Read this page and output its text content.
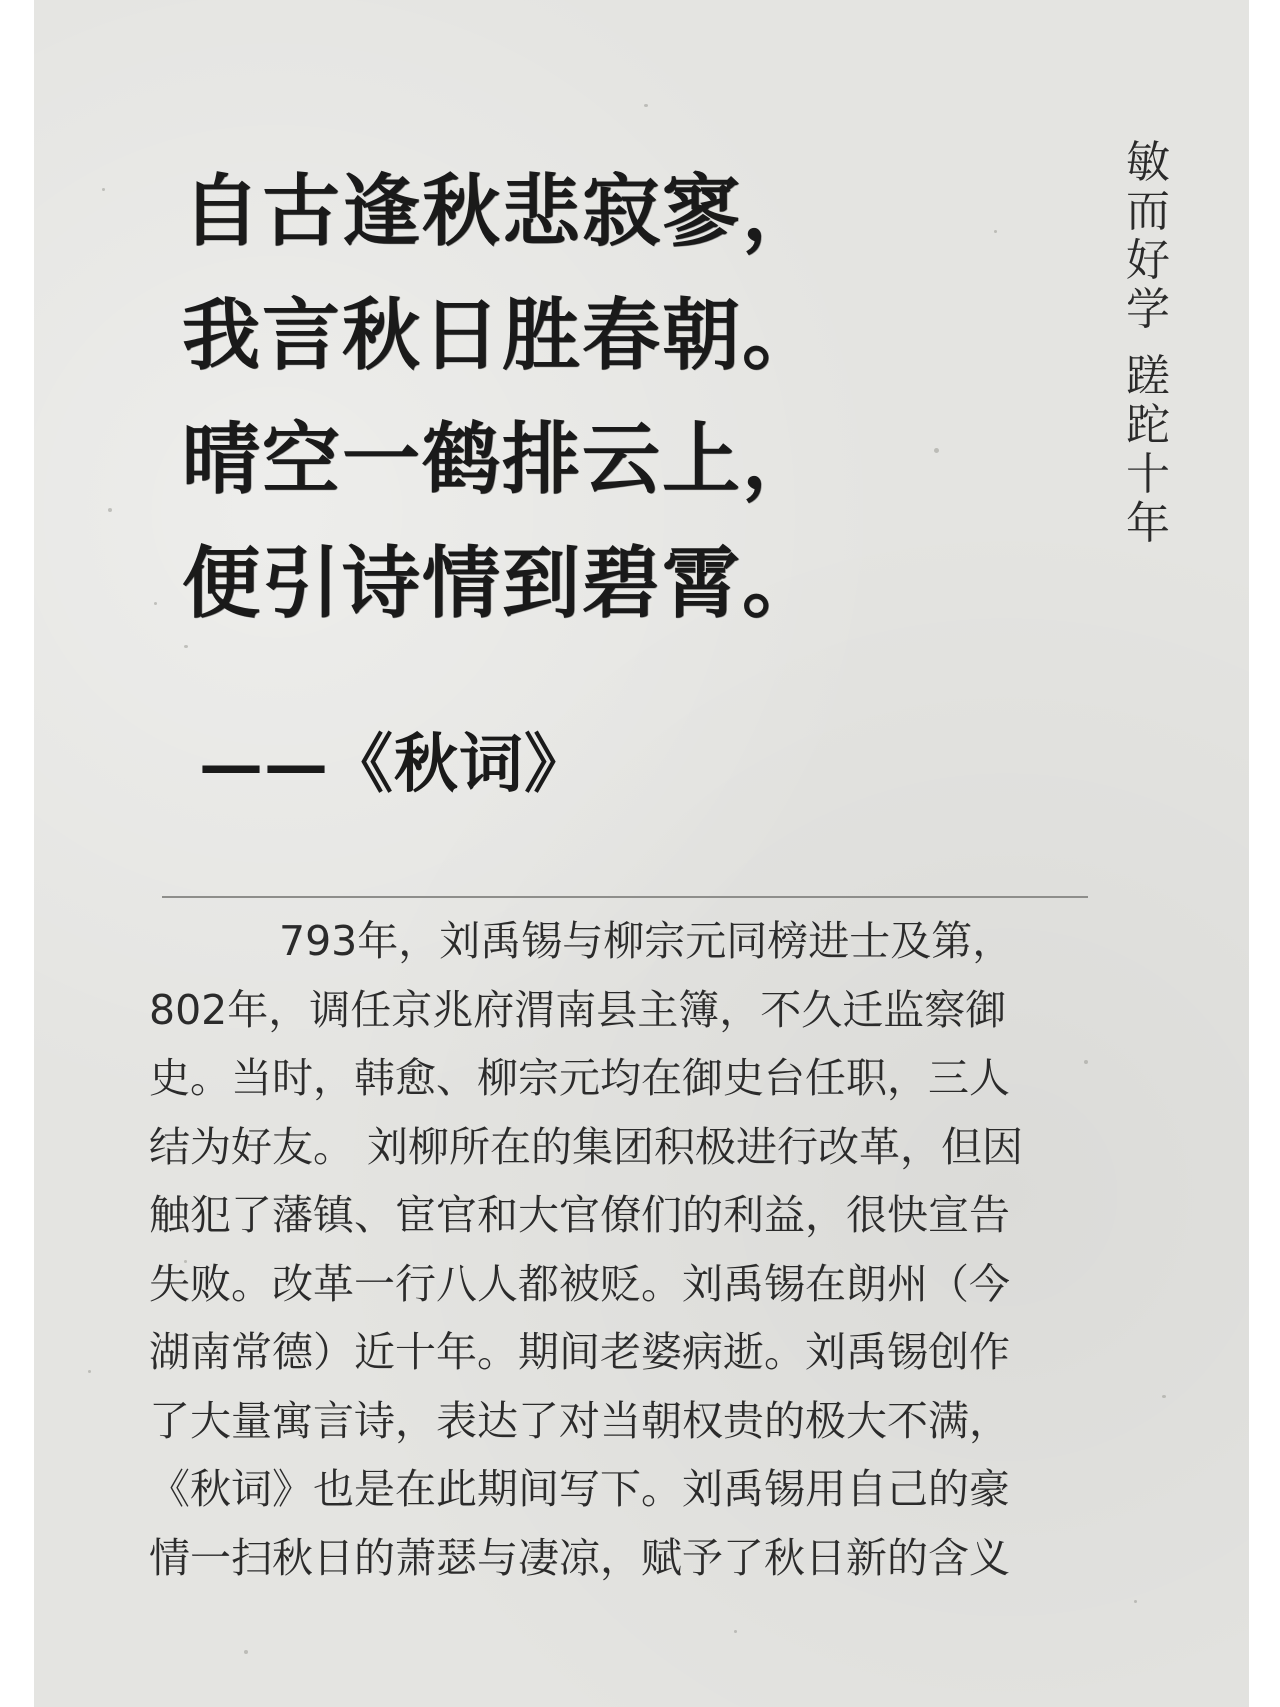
自古逢秋悲寂寥，
我言秋日胜春朝。
晴空一鹤排云上，
便引诗情到碧霄。
——《秋词》
敏
而
好
学
蹉
跎
十
年
793年，刘禹锡与柳宗元同榜进士及第，
802年，调任京兆府渭南县主簿，不久迁监察御
史。当时，韩愈、柳宗元均在御史台任职，三人
结为好友。 刘柳所在的集团积极进行改革，但因
触犯了藩镇、宦官和大官僚们的利益，很快宣告
失败。改革一行八人都被贬。刘禹锡在朗州（今
湖南常德）近十年。期间老婆病逝。刘禹锡创作
了大量寓言诗，表达了对当朝权贵的极大不满，
《秋词》也是在此期间写下。刘禹锡用自己的豪
情一扫秋日的萧瑟与凄凉，赋予了秋日新的含义
